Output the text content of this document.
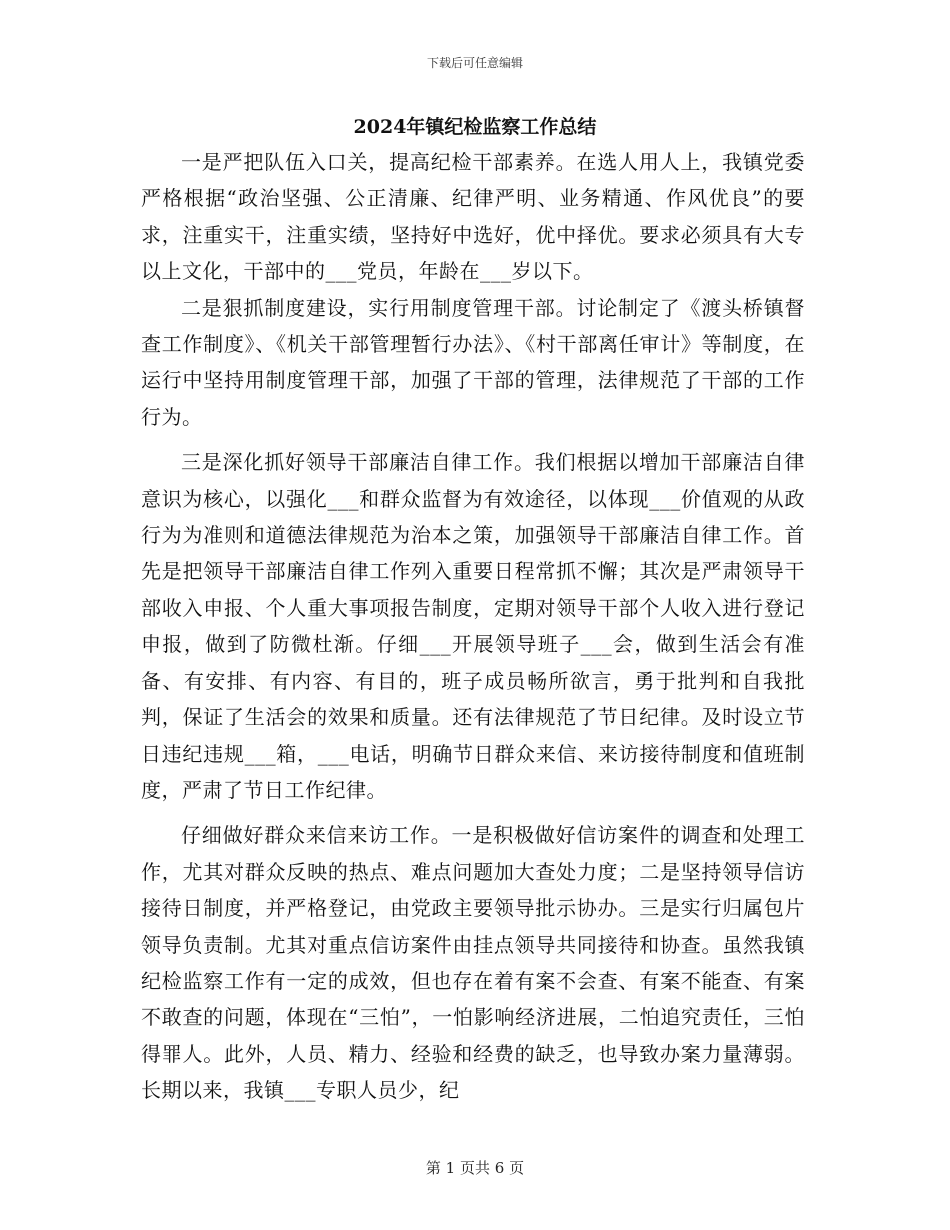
下载后可任意编辑
2024年镇纪检监察工作总结

一是严把队伍入口关，提高纪检干部素养。在选人用人上，我镇党委严格根据“政治坚强、公正清廉、纪律严明、业务精通、作风优良”的要求，注重实干，注重实绩，坚持好中选好，优中择优。要求必须具有大专以上文化，干部中的___党员，年龄在___岁以下。

二是狠抓制度建设，实行用制度管理干部。讨论制定了《渡头桥镇督查工作制度》、《机关干部管理暂行办法》、《村干部离任审计》等制度，在运行中坚持用制度管理干部，加强了干部的管理，法律规范了干部的工作行为。

三是深化抓好领导干部廉洁自律工作。我们根据以增加干部廉洁自律意识为核心，以强化___和群众监督为有效途径，以体现___价值观的从政行为为准则和道德法律规范为治本之策，加强领导干部廉洁自律工作。首先是把领导干部廉洁自律工作列入重要日程常抓不懈；其次是严肃领导干部收入申报、个人重大事项报告制度，定期对领导干部个人收入进行登记申报，做到了防微杜渐。仔细___开展领导班子___会，做到生活会有准备、有安排、有内容、有目的，班子成员畅所欲言，勇于批判和自我批判，保证了生活会的效果和质量。还有法律规范了节日纪律。及时设立节日违纪违规___箱，___电话，明确节日群众来信、来访接待制度和值班制度，严肃了节日工作纪律。

仔细做好群众来信来访工作。一是积极做好信访案件的调查和处理工作，尤其对群众反映的热点、难点问题加大查处力度；二是坚持领导信访接待日制度，并严格登记，由党政主要领导批示协办。三是实行归属包片领导负责制。尤其对重点信访案件由挂点领导共同接待和协查。虽然我镇纪检监察工作有一定的成效，但也存在着有案不会查、有案不能查、有案不敢查的问题，体现在“三怕”，一怕影响经济进展，二怕追究责任，三怕得罪人。此外，人员、精力、经验和经费的缺乏，也导致办案力量薄弱。长期以来，我镇___专职人员少，纪

第 1 页共 6 页
